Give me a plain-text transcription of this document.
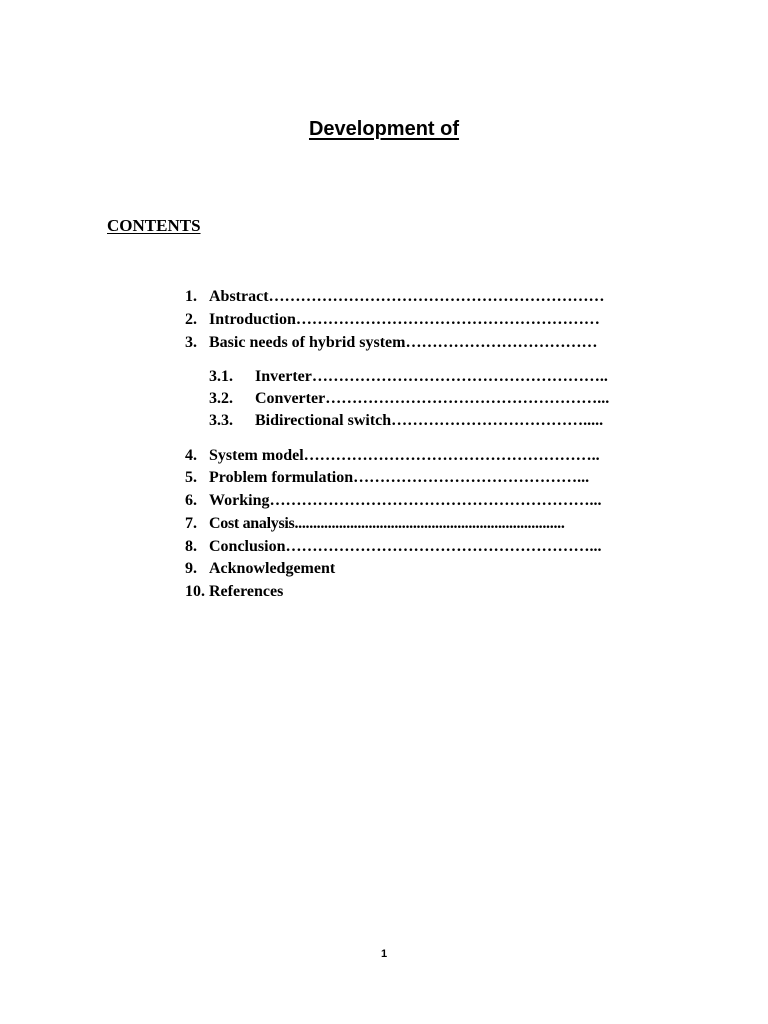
Development of
CONTENTS
1. Abstract………………………………………………………
2. Introduction…………………………………………………
3. Basic needs of hybrid system………………………………
3.1. Inverter………………………………………………..
3.2. Converter……………………………………………...
3.3. Bidirectional switch……………………………….....
4. System model………………………………………………..
5. Problem formulation……………………………………...
6. Working……………………………………………………...
7. Cost analysis.........................................................................
8. Conclusion…………………………………………………...
9. Acknowledgement
10. References
1
